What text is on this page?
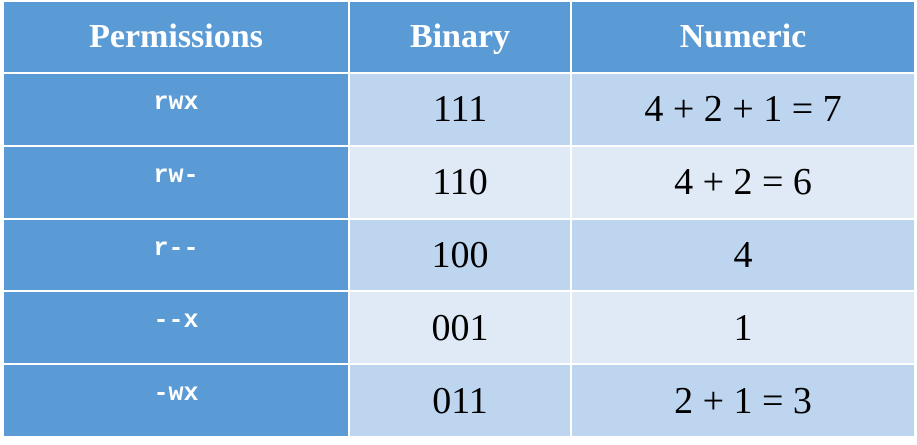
Permissions	Binary	Numeric
rwx	111	4 + 2 + 1 = 7
rw-	110	4 + 2 = 6
r--	100	4
--x	001	1
-wx	011	2 + 1 = 3
